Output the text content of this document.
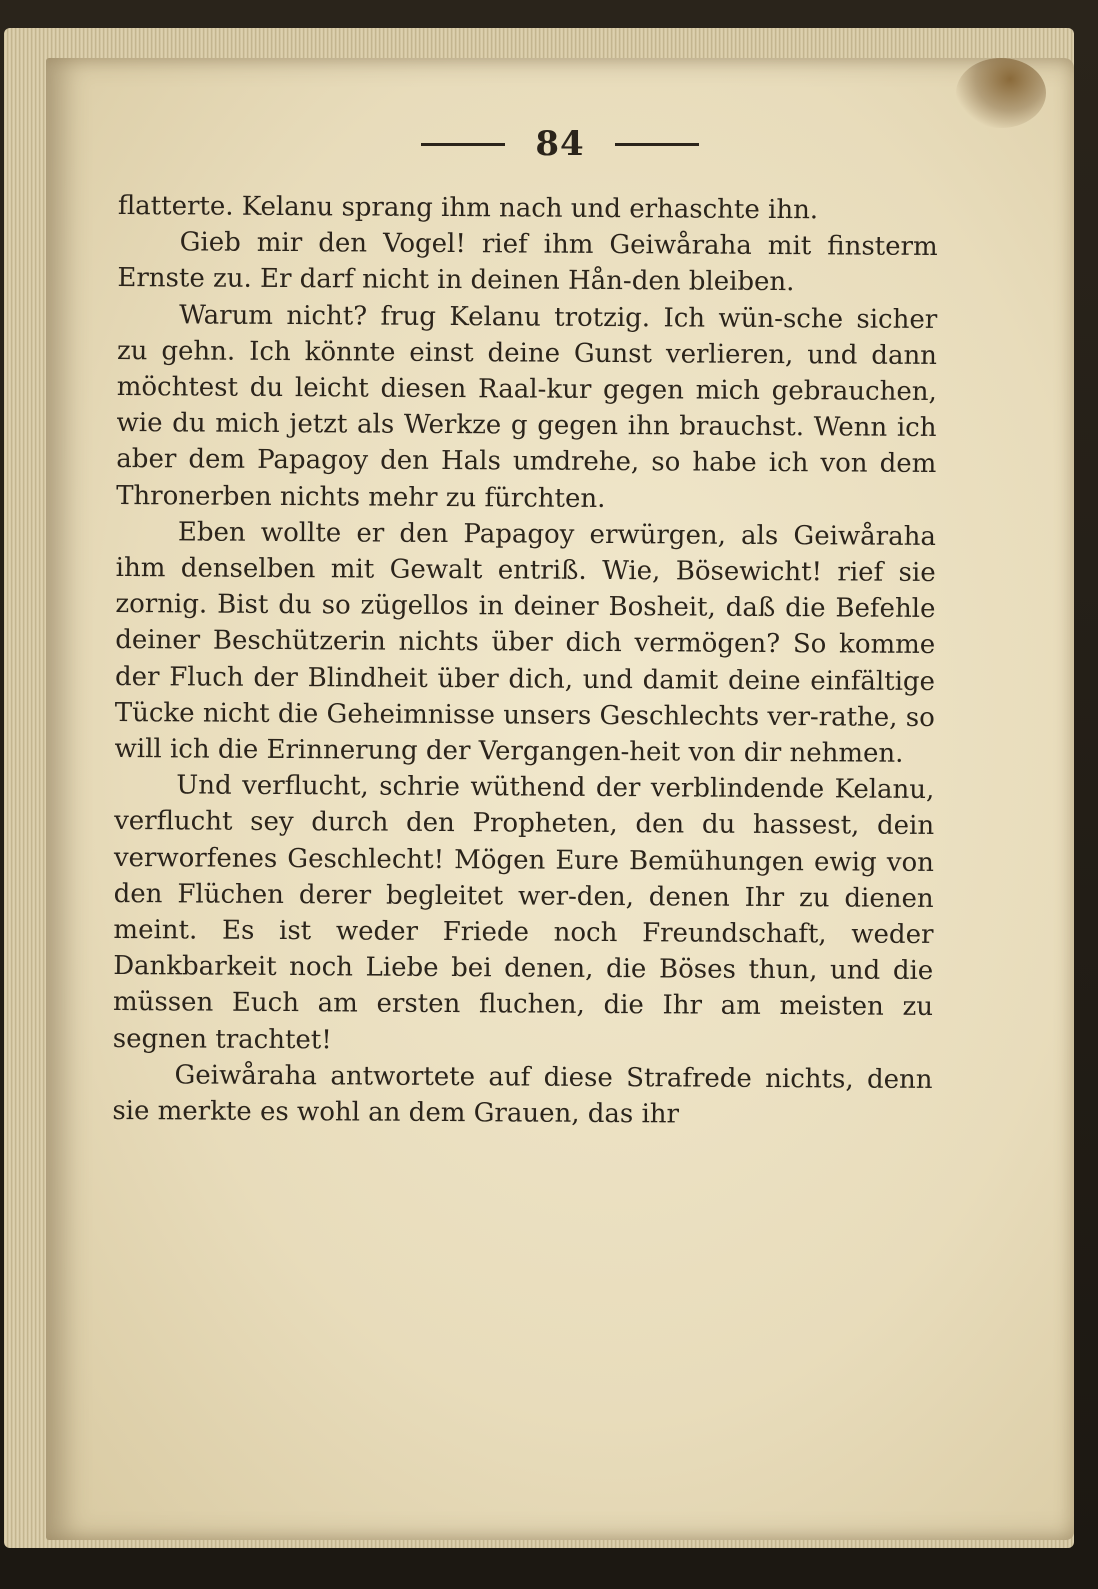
84

flatterte. Kelanu sprang ihm nach und erhaschte ihn.

Gieb mir den Vogel! rief ihm Geiwåraha mit finsterm Ernste zu. Er darf nicht in deinen Hån-den bleiben.

Warum nicht? frug Kelanu trotzig. Ich wün-sche sicher zu gehn. Ich könnte einst deine Gunst verlieren, und dann möchtest du leicht diesen Raal-kur gegen mich gebrauchen, wie du mich jetzt als Werkze g gegen ihn brauchst. Wenn ich aber dem Papagoy den Hals umdrehe, so habe ich von dem Thronerben nichts mehr zu fürchten.

Eben wollte er den Papagoy erwürgen, als Geiwåraha ihm denselben mit Gewalt entriß. Wie, Bösewicht! rief sie zornig. Bist du so zügellos in deiner Bosheit, daß die Befehle deiner Beschützerin nichts über dich vermögen? So komme der Fluch der Blindheit über dich, und damit deine einfältige Tücke nicht die Geheimnisse unsers Geschlechts ver-rathe, so will ich die Erinnerung der Vergangen-heit von dir nehmen.

Und verflucht, schrie wüthend der verblindende Kelanu, verflucht sey durch den Propheten, den du hassest, dein verworfenes Geschlecht! Mögen Eure Bemühungen ewig von den Flüchen derer begleitet wer-den, denen Ihr zu dienen meint. Es ist weder Friede noch Freundschaft, weder Dankbarkeit noch Liebe bei denen, die Böses thun, und die müssen Euch am ersten fluchen, die Ihr am meisten zu segnen trachtet!

Geiwåraha antwortete auf diese Strafrede nichts, denn sie merkte es wohl an dem Grauen, das ihr
